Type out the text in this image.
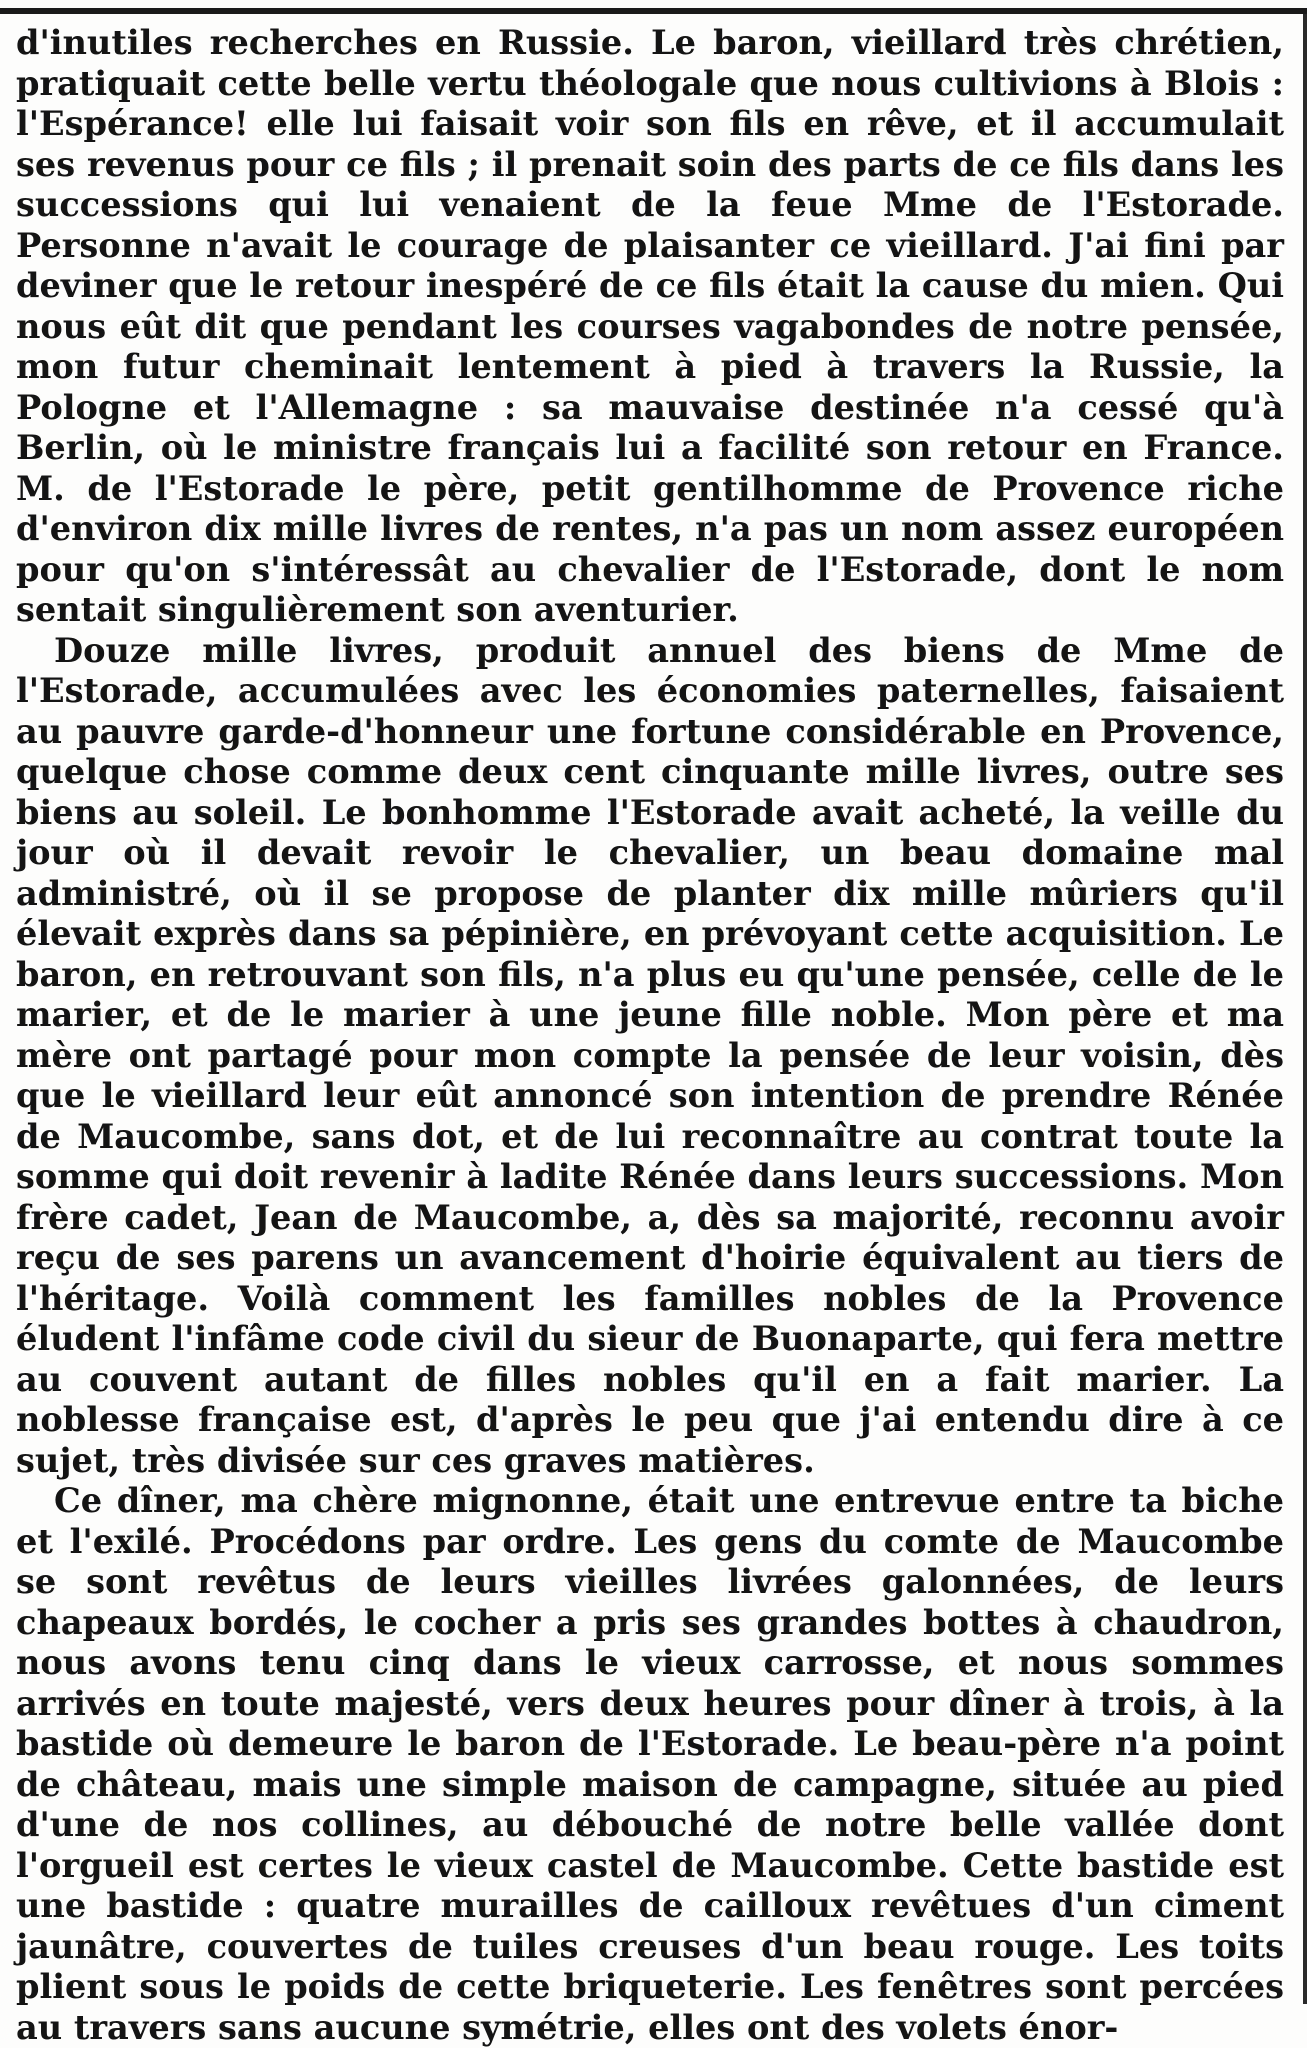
d'inutiles recherches en Russie. Le baron, vieillard très chrétien, pratiquait cette belle vertu théologale que nous cultivions à Blois : l'Espérance! elle lui faisait voir son fils en rêve, et il accumulait ses revenus pour ce fils ; il prenait soin des parts de ce fils dans les successions qui lui venaient de la feue Mme de l'Estorade. Personne n'avait le courage de plaisanter ce vieillard. J'ai fini par deviner que le retour inespéré de ce fils était la cause du mien. Qui nous eût dit que pendant les courses vagabondes de notre pensée, mon futur cheminait lentement à pied à travers la Russie, la Pologne et l'Allemagne : sa mauvaise destinée n'a cessé qu'à Berlin, où le ministre français lui a facilité son retour en France. M. de l'Estorade le père, petit gentilhomme de Provence riche d'environ dix mille livres de rentes, n'a pas un nom assez européen pour qu'on s'intéressât au chevalier de l'Estorade, dont le nom sentait singulièrement son aventurier.

Douze mille livres, produit annuel des biens de Mme de l'Estorade, accumulées avec les économies paternelles, faisaient au pauvre garde-d'honneur une fortune considérable en Provence, quelque chose comme deux cent cinquante mille livres, outre ses biens au soleil. Le bonhomme l'Estorade avait acheté, la veille du jour où il devait revoir le chevalier, un beau domaine mal administré, où il se propose de planter dix mille mûriers qu'il élevait exprès dans sa pépinière, en prévoyant cette acquisition. Le baron, en retrouvant son fils, n'a plus eu qu'une pensée, celle de le marier, et de le marier à une jeune fille noble. Mon père et ma mère ont partagé pour mon compte la pensée de leur voisin, dès que le vieillard leur eût annoncé son intention de prendre Rénée de Maucombe, sans dot, et de lui reconnaître au contrat toute la somme qui doit revenir à ladite Rénée dans leurs successions. Mon frère cadet, Jean de Maucombe, a, dès sa majorité, reconnu avoir reçu de ses parens un avancement d'hoirie équivalent au tiers de l'héritage. Voilà comment les familles nobles de la Provence éludent l'infâme code civil du sieur de Buonaparte, qui fera mettre au couvent autant de filles nobles qu'il en a fait marier. La noblesse française est, d'après le peu que j'ai entendu dire à ce sujet, très divisée sur ces graves matières.

Ce dîner, ma chère mignonne, était une entrevue entre ta biche et l'exilé. Procédons par ordre. Les gens du comte de Maucombe se sont revêtus de leurs vieilles livrées galonnées, de leurs chapeaux bordés, le cocher a pris ses grandes bottes à chaudron, nous avons tenu cinq dans le vieux carrosse, et nous sommes arrivés en toute majesté, vers deux heures pour dîner à trois, à la bastide où demeure le baron de l'Estorade. Le beau-père n'a point de château, mais une simple maison de campagne, située au pied d'une de nos collines, au débouché de notre belle vallée dont l'orgueil est certes le vieux castel de Maucombe. Cette bastide est une bastide : quatre murailles de cailloux revêtues d'un ciment jaunâtre, couvertes de tuiles creuses d'un beau rouge. Les toits plient sous le poids de cette briqueterie. Les fenêtres sont percées au travers sans aucune symétrie, elles ont des volets énor-
